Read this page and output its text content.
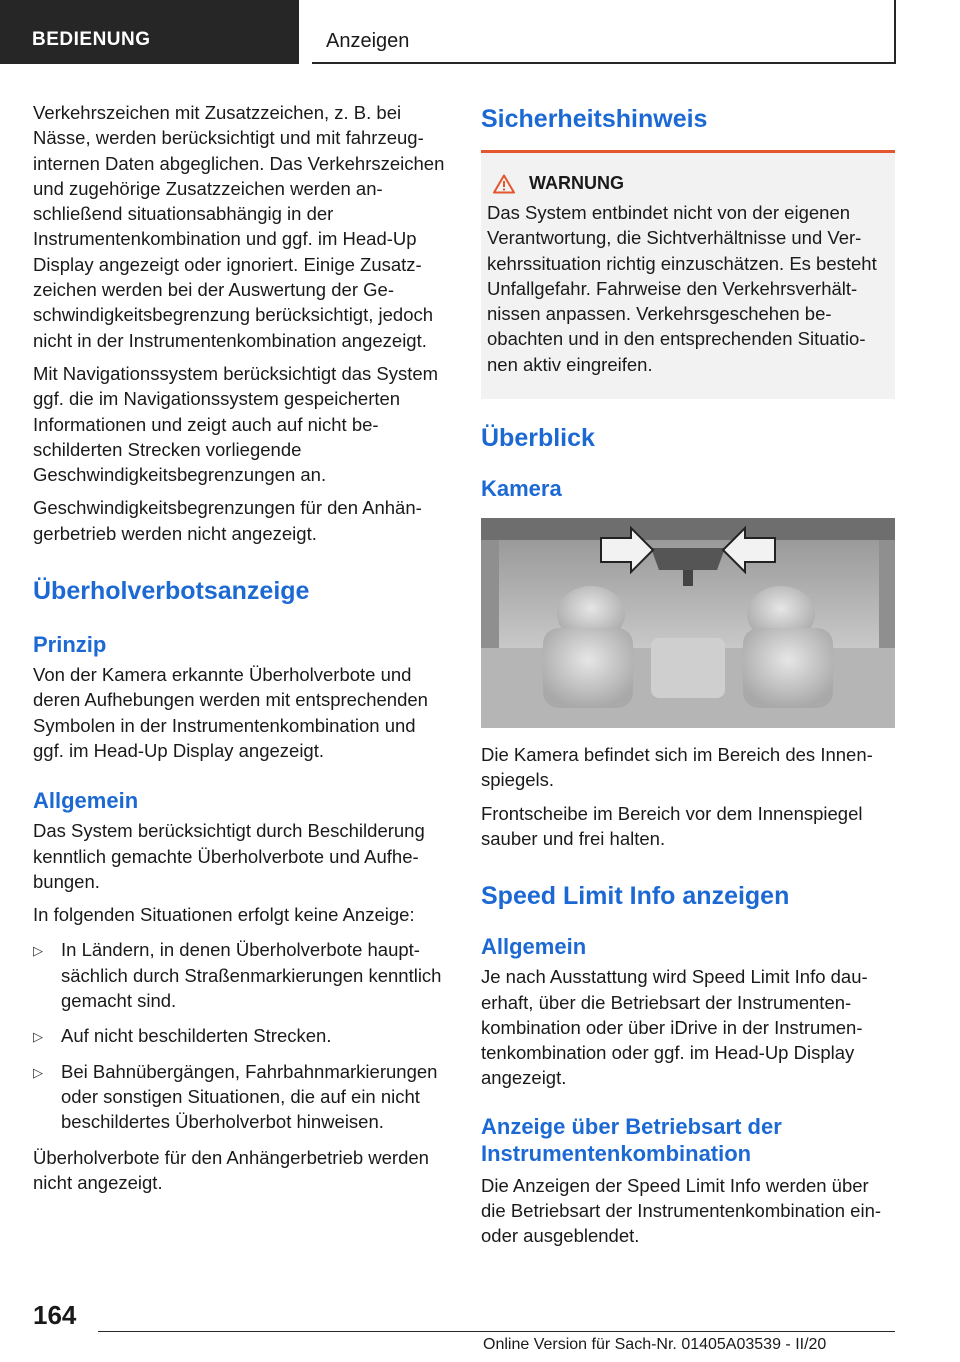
BEDIENUNG	Anzeigen

Verkehrszeichen mit Zusatzzeichen, z. B. bei Nässe, werden berücksichtigt und mit fahrzeuginternen Daten abgeglichen. Das Verkehrszeichen und zugehörige Zusatzzeichen werden anschließend situationsabhängig in der Instrumentenkombination und ggf. im Head-Up Display angezeigt oder ignoriert. Einige Zusatzzeichen werden bei der Auswertung der Geschwindigkeitsbegrenzung berücksichtigt, jedoch nicht in der Instrumentenkombination angezeigt.

Mit Navigationssystem berücksichtigt das System ggf. die im Navigationssystem gespeicherten Informationen und zeigt auch auf nicht beschilderten Strecken vorliegende Geschwindigkeitsbegrenzungen an.

Geschwindigkeitsbegrenzungen für den Anhängerbetrieb werden nicht angezeigt.

Überholverbotsanzeige
Prinzip

Von der Kamera erkannte Überholverbote und deren Aufhebungen werden mit entsprechenden Symbolen in der Instrumentenkombination und ggf. im Head-Up Display angezeigt.

Allgemein

Das System berücksichtigt durch Beschilderung kenntlich gemachte Überholverbote und Aufhebungen.

In folgenden Situationen erfolgt keine Anzeige:

▷ In Ländern, in denen Überholverbote hauptsächlich durch Straßenmarkierungen kenntlich gemacht sind.
▷ Auf nicht beschilderten Strecken.
▷ Bei Bahnübergängen, Fahrbahnmarkierungen oder sonstigen Situationen, die auf ein nicht beschildertes Überholverbot hinweisen.

Überholverbote für den Anhängerbetrieb werden nicht angezeigt.

Sicherheitshinweis
WARNUNG

Das System entbindet nicht von der eigenen Verantwortung, die Sichtverhältnisse und Verkehrssituation richtig einzuschätzen. Es besteht Unfallgefahr. Fahrweise den Verkehrsverhältnissen anpassen. Verkehrsgeschehen beobachten und in den entsprechenden Situationen aktiv eingreifen.

Überblick
Kamera

Die Kamera befindet sich im Bereich des Innenspiegels.

Frontscheibe im Bereich vor dem Innenspiegel sauber und frei halten.

Speed Limit Info anzeigen
Allgemein

Je nach Ausstattung wird Speed Limit Info dauerhaft, über die Betriebsart der Instrumentenkombination oder über iDrive in der Instrumentenkombination oder ggf. im Head-Up Display angezeigt.

Anzeige über Betriebsart der Instrumentenkombination

Die Anzeigen der Speed Limit Info werden über die Betriebsart der Instrumentenkombination ein- oder ausgeblendet.

164
Online Version für Sach-Nr. 01405A03539 - II/20
